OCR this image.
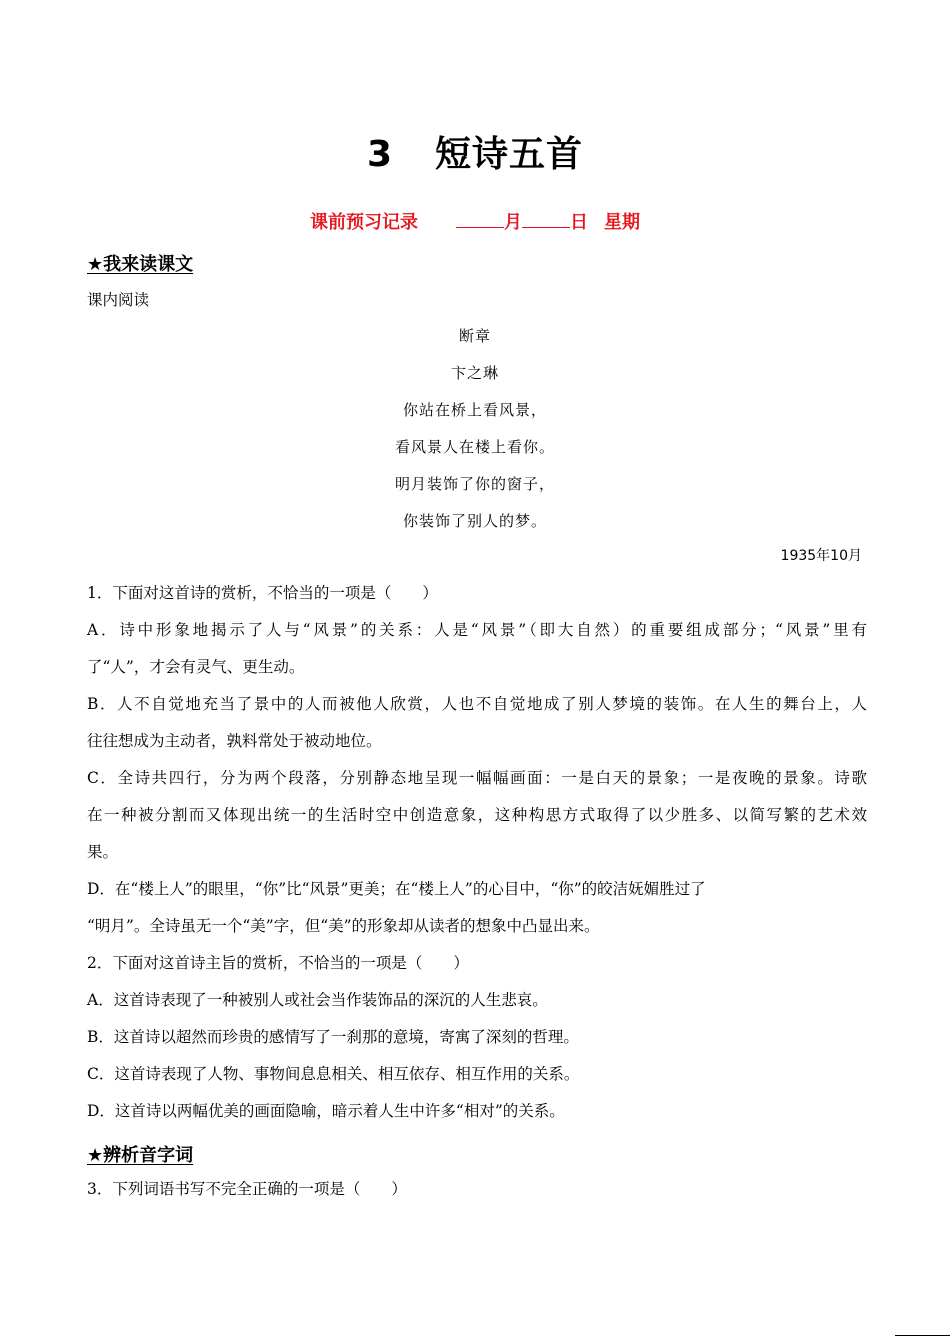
3 短诗五首
课前预习记录	月	日 星期
★我来读课文
课内阅读
断章
卞之琳
你站在桥上看风景，
看风景人在楼上看你。
明月装饰了你的窗子，
你装饰了别人的梦。
1935年10月
1．下面对这首诗的赏析，不恰当的一项是（　　）
A．诗中形象地揭示了人与“风景”的关系：人是“风景”（即大自然）的重要组成部分；“风景”里有
了“人”，才会有灵气、更生动。
B．人不自觉地充当了景中的人而被他人欣赏，人也不自觉地成了别人梦境的装饰。在人生的舞台上，人
往往想成为主动者，孰料常处于被动地位。
C．全诗共四行，分为两个段落，分别静态地呈现一幅幅画面：一是白天的景象；一是夜晚的景象。诗歌
在一种被分割而又体现出统一的生活时空中创造意象，这种构思方式取得了以少胜多、以简写繁的艺术效
果。
D．在“楼上人”的眼里，“你”比“风景”更美；在“楼上人”的心目中，“你”的皎洁妩媚胜过了
“明月”。全诗虽无一个“美”字，但“美”的形象却从读者的想象中凸显出来。
2．下面对这首诗主旨的赏析，不恰当的一项是（　　）
A．这首诗表现了一种被别人或社会当作装饰品的深沉的人生悲哀。
B．这首诗以超然而珍贵的感情写了一刹那的意境，寄寓了深刻的哲理。
C．这首诗表现了人物、事物间息息相关、相互依存、相互作用的关系。
D．这首诗以两幅优美的画面隐喻，暗示着人生中许多“相对”的关系。
★辨析音字词
3．下列词语书写不完全正确的一项是（　　）
